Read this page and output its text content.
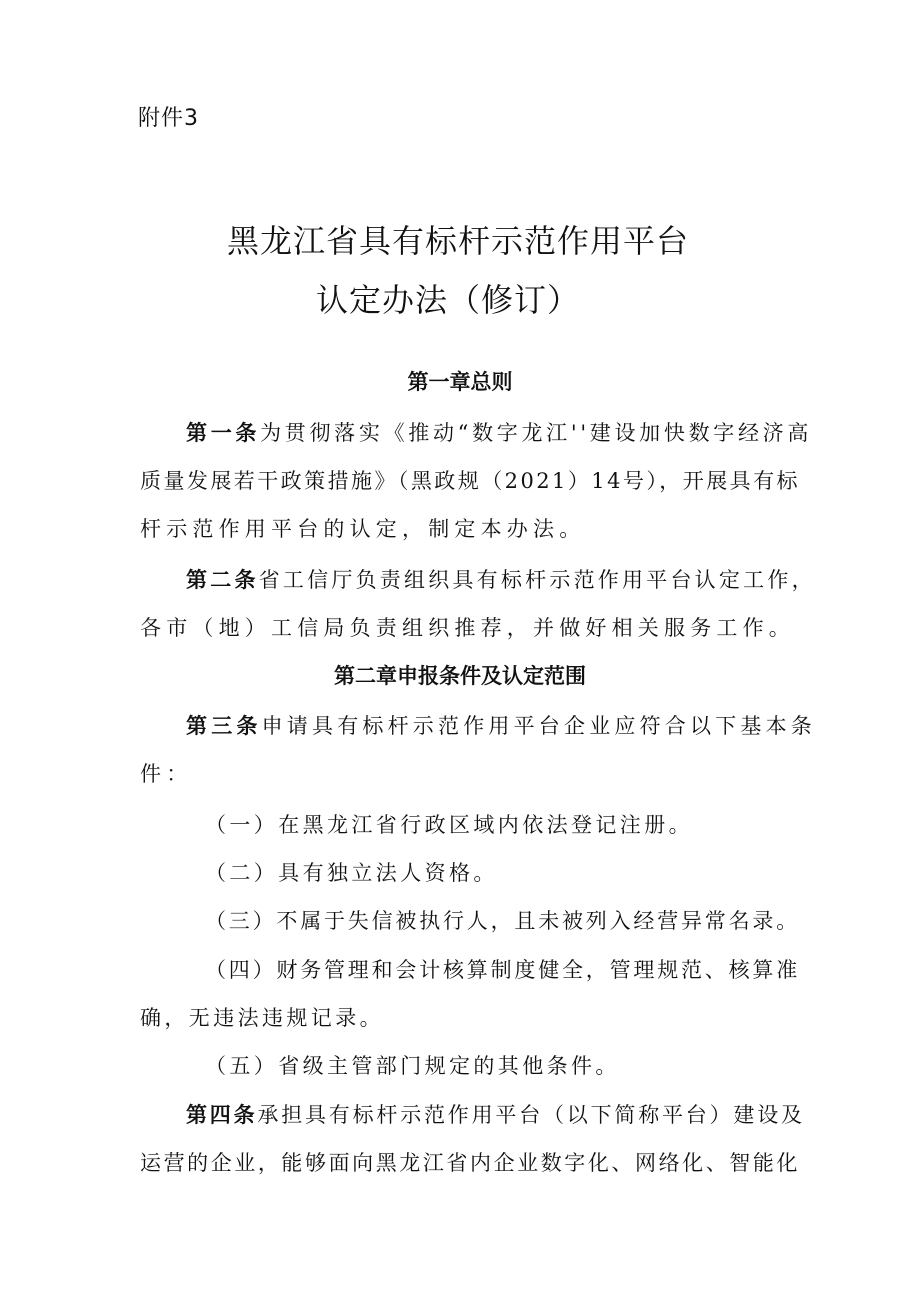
附件3
黑龙江省具有标杆示范作用平台
认定办法（修订）
第一章总则
第一条为贯彻落实《推动“数字龙江''建设加快数字经济高
质量发展若干政策措施》（黑政规（2021）14号），开展具有标
杆示范作用平台的认定，制定本办法。
第二条省工信厅负责组织具有标杆示范作用平台认定工作，
各市（地）工信局负责组织推荐，并做好相关服务工作。
第二章申报条件及认定范围
第三条申请具有标杆示范作用平台企业应符合以下基本条
件：
（一）在黑龙江省行政区域内依法登记注册。
（二）具有独立法人资格。
（三）不属于失信被执行人，且未被列入经营异常名录。
（四）财务管理和会计核算制度健全，管理规范、核算准
确，无违法违规记录。
（五）省级主管部门规定的其他条件。
第四条承担具有标杆示范作用平台（以下简称平台）建设及
运营的企业，能够面向黑龙江省内企业数字化、网络化、智能化
